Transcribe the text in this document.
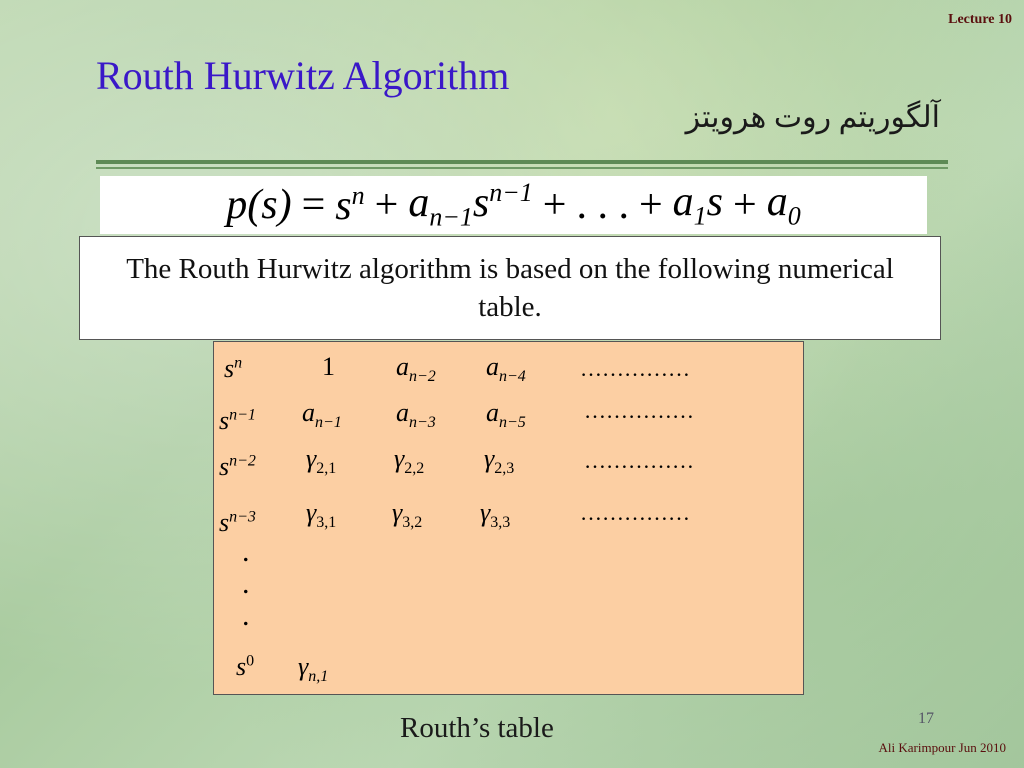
Lecture 10
Routh Hurwitz Algorithm
آلگوریتم روت هرویتز
$p(s) = s^n + a_{n-1}s^{n-1}$ + . . . + $a_1s + a_0$
The Routh Hurwitz algorithm is based on the following numerical table.
$s^n$	1 $a_{n-2}$ $a_{n-4}$ ……………
$s^{n-1}$ $a_{n-1}$ $a_{n-3}$ $a_{n-5}$	……………
$s^{n-2}$ $\gamma_{2,1}$ $\gamma_{2,2}$ $\gamma_{2,3}$	……………
$s^{n-3}$ $\gamma_{3,1}$ $\gamma_{3,2}$ $\gamma_{3,3}$	……………
.
.
.
$s^0$ $\gamma_{n,1}$
Routh’s table	17
Ali Karimpour Jun 2010
